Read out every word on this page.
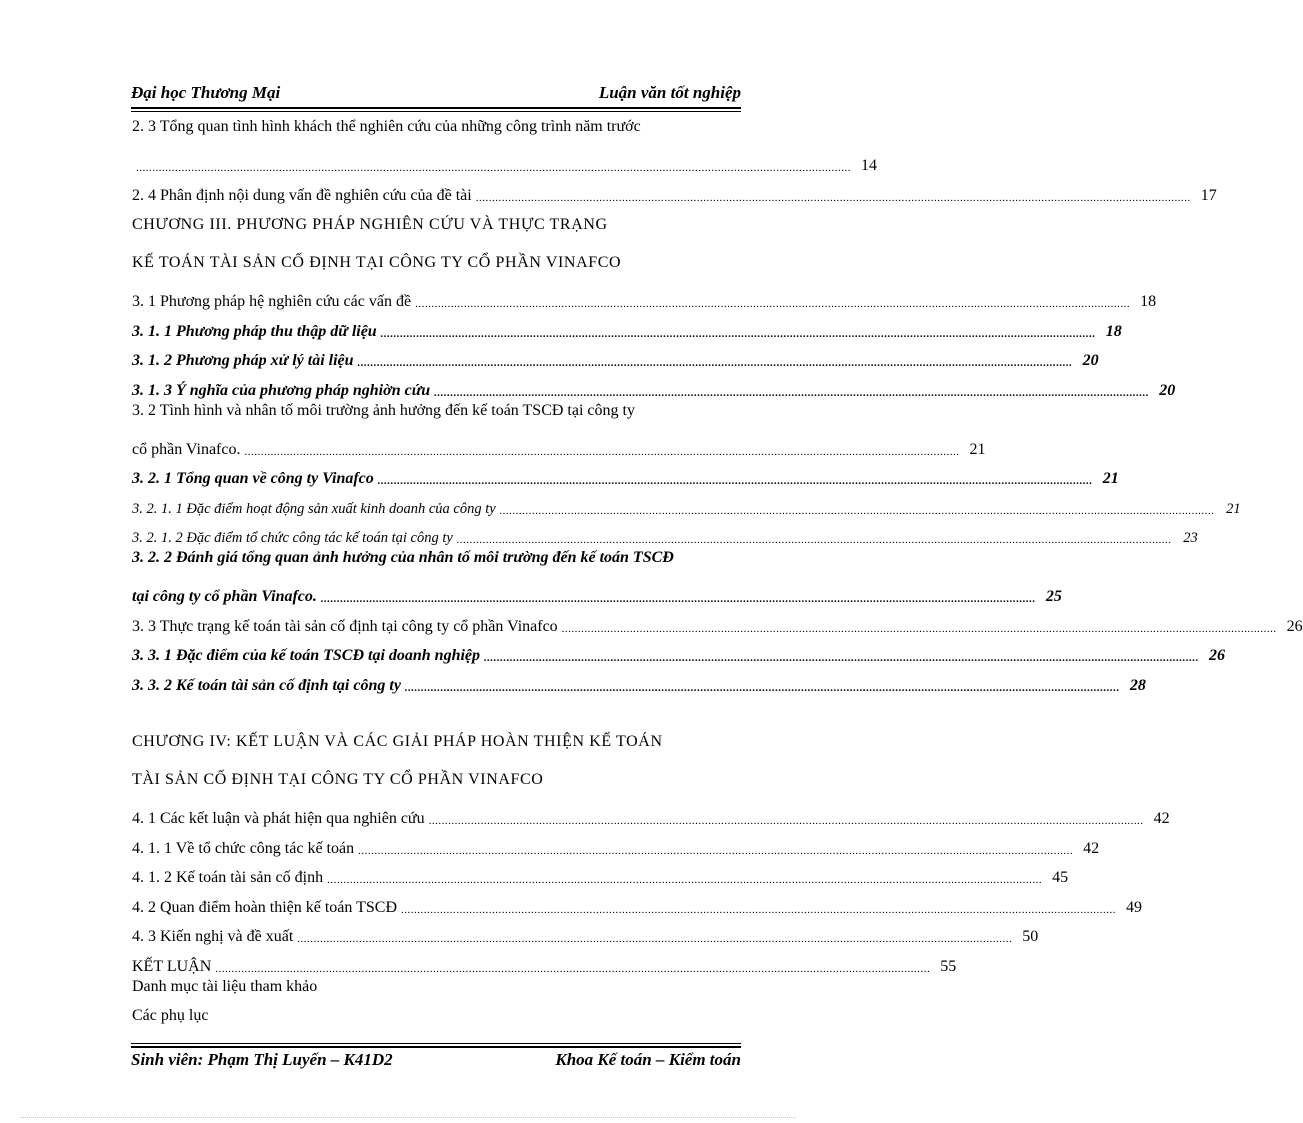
Đại học Thương Mại	Luận văn tốt nghiệp
2. 3 Tổng quan tình hình khách thể nghiên cứu của những công trình năm trước
............................................................................................................................................................................................................................ 14
2. 4 Phân định nội dung vấn đề nghiên cứu của đề tài ............................................................................................................................................................................................................................ 17
CHƯƠNG III. PHƯƠNG PHÁP NGHIÊN CỨU VÀ THỰC TRẠNG
KẾ TOÁN TÀI SẢN CỐ ĐỊNH TẠI CÔNG TY CỔ PHẦN VINAFCO
3. 1 Phương pháp hệ nghiên cứu các vấn đề ............................................................................................................................................................................................................................ 18
3. 1. 1 Phương pháp thu thập dữ liệu ............................................................................................................................................................................................................................ 18
3. 1. 2 Phương pháp xử lý tài liệu ............................................................................................................................................................................................................................ 20
3. 1. 3 Ý nghĩa của phương pháp nghiờn cứu ............................................................................................................................................................................................................................ 20
3. 2 Tình hình và nhân tố môi trường ảnh hưởng đến kế toán TSCĐ tại công ty
cổ phần Vinafco. ............................................................................................................................................................................................................................ 21
3. 2. 1 Tổng quan về công ty Vinafco ............................................................................................................................................................................................................................ 21
3. 2. 1. 1 Đặc điểm hoạt động sản xuất kinh doanh của công ty ............................................................................................................................................................................................................................ 21
3. 2. 1. 2 Đặc điểm tổ chức công tác kế toán tại công ty ............................................................................................................................................................................................................................ 23
3. 2. 2 Đánh giá tổng quan ảnh hưởng của nhân tố môi trường đến kế toán TSCĐ
tại công ty cổ phần Vinafco. ............................................................................................................................................................................................................................ 25
3. 3 Thực trạng kế toán tài sản cố định tại công ty cổ phần Vinafco ............................................................................................................................................................................................................................ 26
3. 3. 1 Đặc điểm của kế toán TSCĐ tại doanh nghiệp ............................................................................................................................................................................................................................ 26
3. 3. 2 Kế toán tài sản cố định tại công ty ............................................................................................................................................................................................................................ 28
CHƯƠNG IV: KẾT LUẬN VÀ CÁC GIẢI PHÁP HOÀN THIỆN KẾ TOÁN
TÀI SẢN CỐ ĐỊNH TẠI CÔNG TY CỔ PHẦN VINAFCO
4. 1 Các kết luận và phát hiện qua nghiên cứu ............................................................................................................................................................................................................................ 42
4. 1. 1 Về tổ chức công tác kế toán ............................................................................................................................................................................................................................ 42
4. 1. 2 Kế toán tài sản cố định ............................................................................................................................................................................................................................ 45
4. 2 Quan điểm hoàn thiện kế toán TSCĐ ............................................................................................................................................................................................................................ 49
4. 3 Kiến nghị và đề xuất ............................................................................................................................................................................................................................ 50
KẾT LUẬN ............................................................................................................................................................................................................................ 55
Danh mục tài liệu tham khảo
Các phụ lục
Sinh viên: Phạm Thị Luyến – K41D2	Khoa Kế toán – Kiểm toán
